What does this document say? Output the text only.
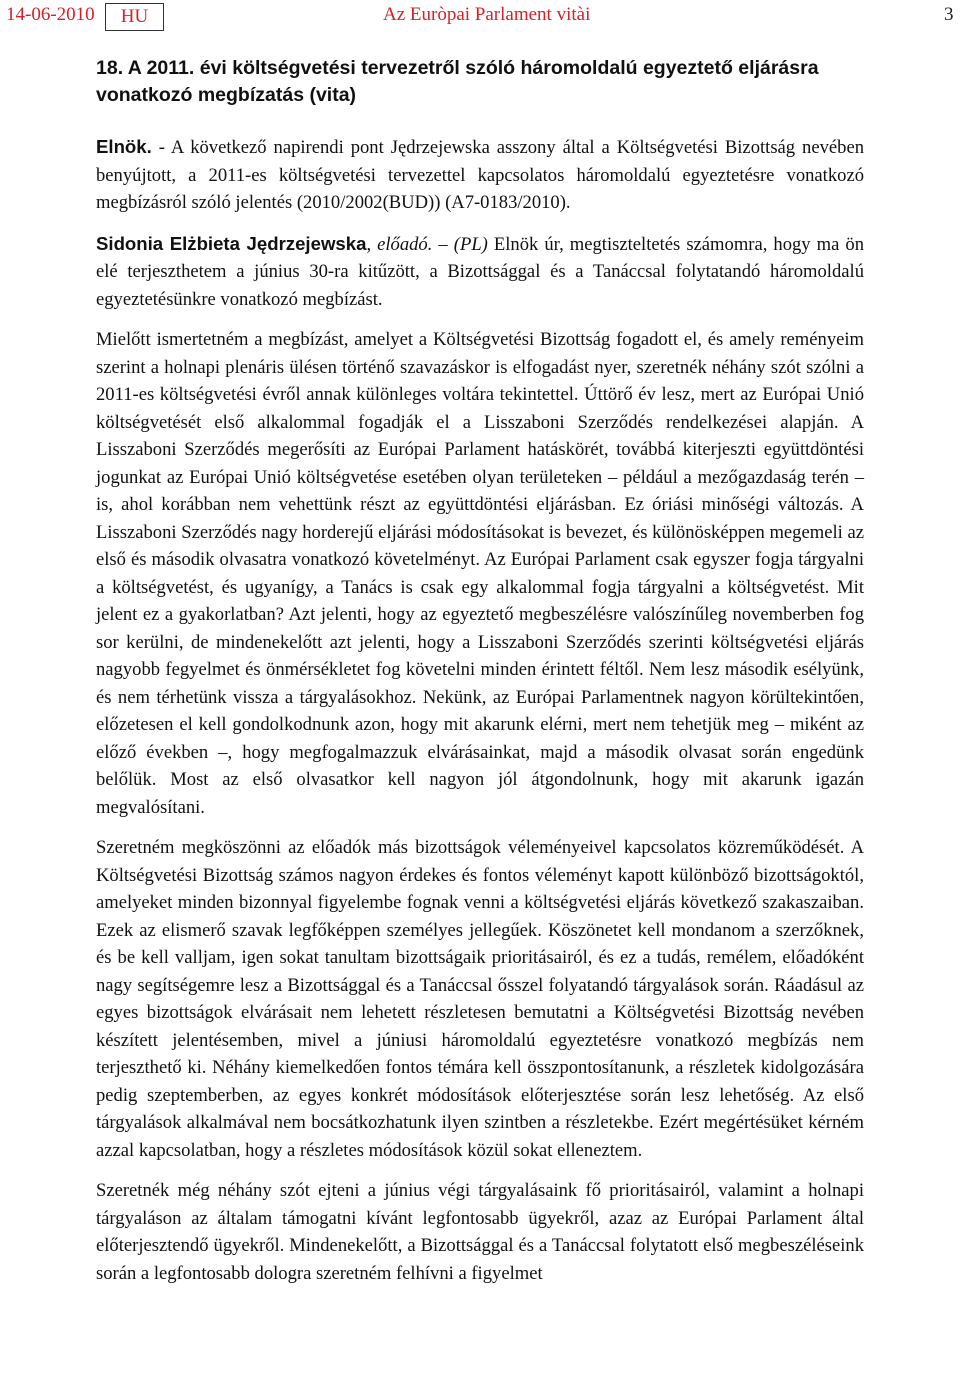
14-06-2010	HU	Az Euròpai Parlament vitài	3
18. A 2011. évi költségvetési tervezetről szóló háromoldalú egyeztető eljárásra vonatkozó megbízatás (vita)

Elnök. - A következő napirendi pont Jędrzejewska asszony által a Költségvetési Bizottság nevében benyújtott, a 2011-es költségvetési tervezettel kapcsolatos háromoldalú egyeztetésre vonatkozó megbízásról szóló jelentés (2010/2002(BUD)) (A7-0183/2010).

Sidonia Elżbieta Jędrzejewska, előadó. – (PL) Elnök úr, megtiszteltetés számomra, hogy ma ön elé terjeszthetem a június 30-ra kitűzött, a Bizottsággal és a Tanáccsal folytatandó háromoldalú egyeztetésünkre vonatkozó megbízást.

Mielőtt ismertetném a megbízást, amelyet a Költségvetési Bizottság fogadott el, és amely reményeim szerint a holnapi plenáris ülésen történő szavazáskor is elfogadást nyer, szeretnék néhány szót szólni a 2011-es költségvetési évről annak különleges voltára tekintettel. Úttörő év lesz, mert az Európai Unió költségvetését első alkalommal fogadják el a Lisszaboni Szerződés rendelkezései alapján. A Lisszaboni Szerződés megerősíti az Európai Parlament hatáskörét, továbbá kiterjeszti együttdöntési jogunkat az Európai Unió költségvetése esetében olyan területeken – például a mezőgazdaság terén – is, ahol korábban nem vehettünk részt az együttdöntési eljárásban. Ez óriási minőségi változás. A Lisszaboni Szerződés nagy horderejű eljárási módosításokat is bevezet, és különösképpen megemeli az első és második olvasatra vonatkozó követelményt. Az Európai Parlament csak egyszer fogja tárgyalni a költségvetést, és ugyanígy, a Tanács is csak egy alkalommal fogja tárgyalni a költségvetést. Mit jelent ez a gyakorlatban? Azt jelenti, hogy az egyeztető megbeszélésre valószínűleg novemberben fog sor kerülni, de mindenekelőtt azt jelenti, hogy a Lisszaboni Szerződés szerinti költségvetési eljárás nagyobb fegyelmet és önmérsékletet fog követelni minden érintett féltől. Nem lesz második esélyünk, és nem térhetünk vissza a tárgyalásokhoz. Nekünk, az Európai Parlamentnek nagyon körültekintően, előzetesen el kell gondolkodnunk azon, hogy mit akarunk elérni, mert nem tehetjük meg – miként az előző években –, hogy megfogalmazzuk elvárásainkat, majd a második olvasat során engedünk belőlük. Most az első olvasatkor kell nagyon jól átgondolnunk, hogy mit akarunk igazán megvalósítani.

Szeretném megköszönni az előadók más bizottságok véleményeivel kapcsolatos közreműködését. A Költségvetési Bizottság számos nagyon érdekes és fontos véleményt kapott különböző bizottságoktól, amelyeket minden bizonnyal figyelembe fognak venni a költségvetési eljárás következő szakaszaiban. Ezek az elismerő szavak legfőképpen személyes jellegűek. Köszönetet kell mondanom a szerzőknek, és be kell valljam, igen sokat tanultam bizottságaik prioritásairól, és ez a tudás, remélem, előadóként nagy segítségemre lesz a Bizottsággal és a Tanáccsal ősszel folyatandó tárgyalások során. Ráadásul az egyes bizottságok elvárásait nem lehetett részletesen bemutatni a Költségvetési Bizottság nevében készített jelentésemben, mivel a júniusi háromoldalú egyeztetésre vonatkozó megbízás nem terjeszthető ki. Néhány kiemelkedően fontos témára kell összpontosítanunk, a részletek kidolgozására pedig szeptemberben, az egyes konkrét módosítások előterjesztése során lesz lehetőség. Az első tárgyalások alkalmával nem bocsátkozhatunk ilyen szintben a részletekbe. Ezért megértésüket kérném azzal kapcsolatban, hogy a részletes módosítások közül sokat elleneztem.

Szeretnék még néhány szót ejteni a június végi tárgyalásaink fő prioritásairól, valamint a holnapi tárgyaláson az általam támogatni kívánt legfontosabb ügyekről, azaz az Európai Parlament által előterjesztendő ügyekről. Mindenekelőtt, a Bizottsággal és a Tanáccsal folytatott első megbeszéléseink során a legfontosabb dologra szeretném felhívni a figyelmet
